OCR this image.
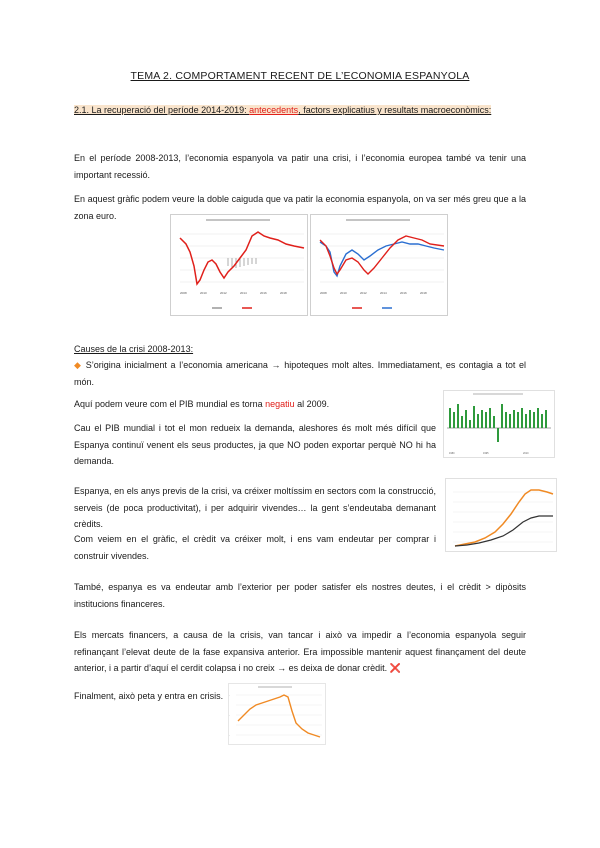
TEMA 2. COMPORTAMENT RECENT DE L’ECONOMIA ESPANYOLA
2.1. La recuperació del període 2014-2019: antecedents, factors explicatius y resultats macroeconòmics:
En el període 2008-2013, l’economia espanyola va patir una crisi, i l’economia europea també va tenir una important recessió.
En aquest gràfic podem veure la doble caiguda que va patir la economia espanyola, on va ser més greu que a la zona euro.
2008	2010	2012	2014	2016	2018	2008	2010	2012	2014	2016	2018
Causes de la crisi 2008-2013:
◆ S’origina inicialment a l’economia americana → hipoteques molt altes. Immediatament, es contagia a tot el món.
Aquí podem veure com el PIB mundial es torna negatiu al 2009.
Cau el PIB mundial i tot el mon redueix la demanda, aleshores és molt més difícil que Espanya continuï venent els seus productes, ja que NO poden exportar perquè NO hi ha demanda.
1980	1995	2010
Espanya, en els anys previs de la crisi, va créixer moltíssim en sectors com la construcció, serveis (de poca productivitat), i per adquirir vivendes… la gent s’endeutaba demanant crèdits.
Com veiem en el gràfic, el crèdit va créixer molt, i ens vam endeutar per comprar i construir vivendes.
També, espanya es va endeutar amb l’exterior per poder satisfer els nostres deutes, i el crèdit > dipòsits institucions financeres.
Els mercats financers, a causa de la crisis, van tancar i això va impedir a l’economia espanyola seguir refinançant l’elevat deute de la fase expansiva anterior. Era impossible mantenir aquest finançament del deute anterior, i a partir d’aquí el cerdit colapsa i no creix → es deixa de donar crèdit. ❌
Finalment, això peta y entra en crisis.	-
-
-
